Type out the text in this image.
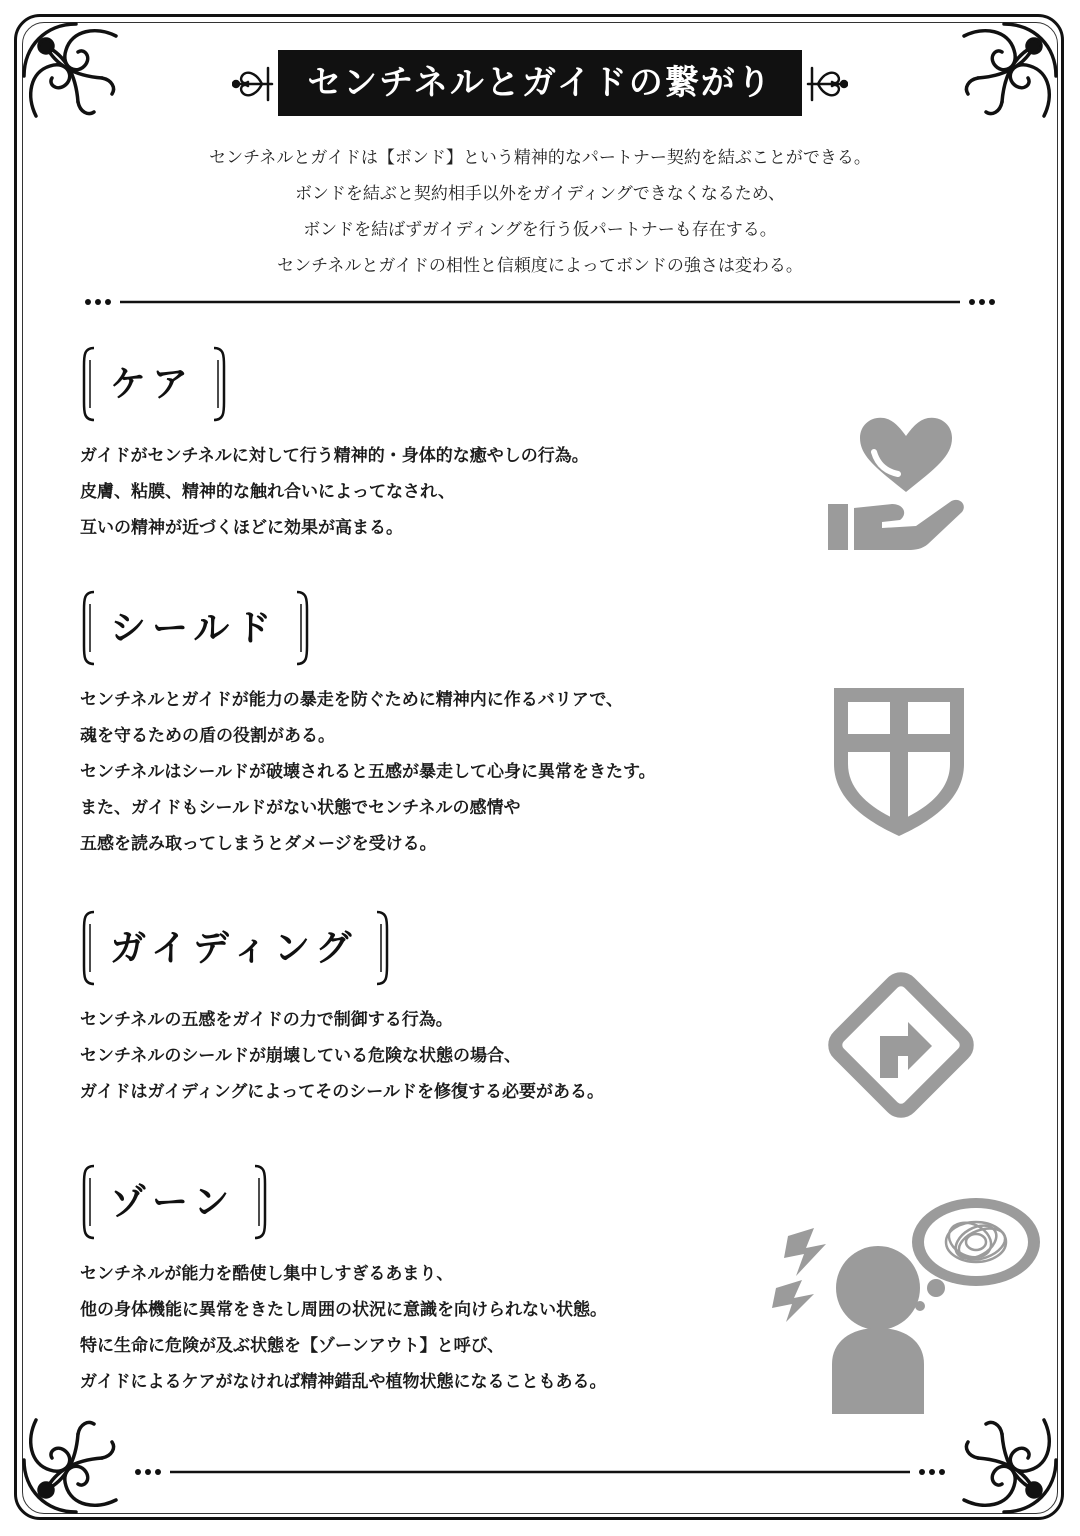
センチネルとガイドの繋がり
センチネルとガイドは【ボンド】という精神的なパートナー契約を結ぶことができる。
ボンドを結ぶと契約相手以外をガイディングできなくなるため、
ボンドを結ばずガイディングを行う仮パートナーも存在する。
センチネルとガイドの相性と信頼度によってボンドの強さは変わる。
ケア
ガイドがセンチネルに対して行う精神的・身体的な癒やしの行為。
皮膚、粘膜、精神的な触れ合いによってなされ、
互いの精神が近づくほどに効果が高まる。
シールド
センチネルとガイドが能力の暴走を防ぐために精神内に作るバリアで、
魂を守るための盾の役割がある。
センチネルはシールドが破壊されると五感が暴走して心身に異常をきたす。
また、ガイドもシールドがない状態でセンチネルの感情や
五感を読み取ってしまうとダメージを受ける。
ガイディング
センチネルの五感をガイドの力で制御する行為。
センチネルのシールドが崩壊している危険な状態の場合、
ガイドはガイディングによってそのシールドを修復する必要がある。
ゾーン
センチネルが能力を酷使し集中しすぎるあまり、
他の身体機能に異常をきたし周囲の状況に意識を向けられない状態。
特に生命に危険が及ぶ状態を【ゾーンアウト】と呼び、
ガイドによるケアがなければ精神錯乱や植物状態になることもある。
